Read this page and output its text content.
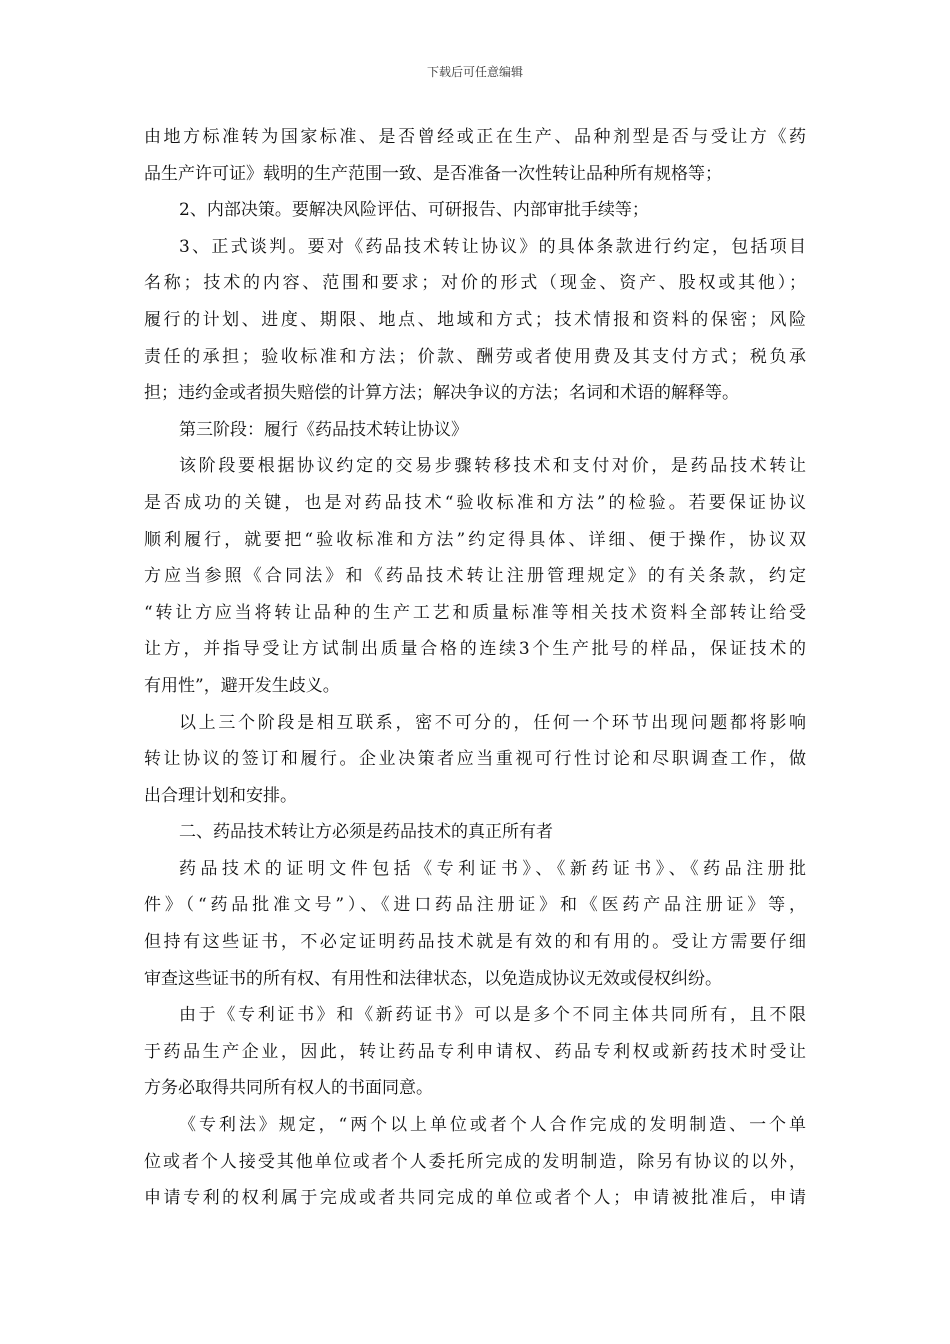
下载后可任意编辑
由地方标准转为国家标准、是否曾经或正在生产、品种剂型是否与受让方《药
品生产许可证》载明的生产范围一致、是否准备一次性转让品种所有规格等；
2、内部决策。要解决风险评估、可研报告、内部审批手续等；
3、正式谈判。要对《药品技术转让协议》的具体条款进行约定，包括项目
名称；技术的内容、范围和要求；对价的形式（现金、资产、股权或其他）；
履行的计划、进度、期限、地点、地域和方式；技术情报和资料的保密；风险
责任的承担；验收标准和方法；价款、酬劳或者使用费及其支付方式；税负承
担；违约金或者损失赔偿的计算方法；解决争议的方法；名词和术语的解释等。
第三阶段：履行《药品技术转让协议》
该阶段要根据协议约定的交易步骤转移技术和支付对价，是药品技术转让
是否成功的关键，也是对药品技术“验收标准和方法”的检验。若要保证协议
顺利履行，就要把“验收标准和方法”约定得具体、详细、便于操作，协议双
方应当参照《合同法》和《药品技术转让注册管理规定》的有关条款，约定
“转让方应当将转让品种的生产工艺和质量标准等相关技术资料全部转让给受
让方，并指导受让方试制出质量合格的连续3个生产批号的样品，保证技术的
有用性”，避开发生歧义。
以上三个阶段是相互联系，密不可分的，任何一个环节出现问题都将影响
转让协议的签订和履行。企业决策者应当重视可行性讨论和尽职调查工作，做
出合理计划和安排。
二、药品技术转让方必须是药品技术的真正所有者
药品技术的证明文件包括《专利证书》、《新药证书》、《药品注册批
件》（“药品批准文号”）、《进口药品注册证》和《医药产品注册证》等，
但持有这些证书，不必定证明药品技术就是有效的和有用的。受让方需要仔细
审查这些证书的所有权、有用性和法律状态，以免造成协议无效或侵权纠纷。
由于《专利证书》和《新药证书》可以是多个不同主体共同所有，且不限
于药品生产企业，因此，转让药品专利申请权、药品专利权或新药技术时受让
方务必取得共同所有权人的书面同意。
《专利法》规定，“两个以上单位或者个人合作完成的发明制造、一个单
位或者个人接受其他单位或者个人委托所完成的发明制造，除另有协议的以外，
申请专利的权利属于完成或者共同完成的单位或者个人；申请被批准后，申请
